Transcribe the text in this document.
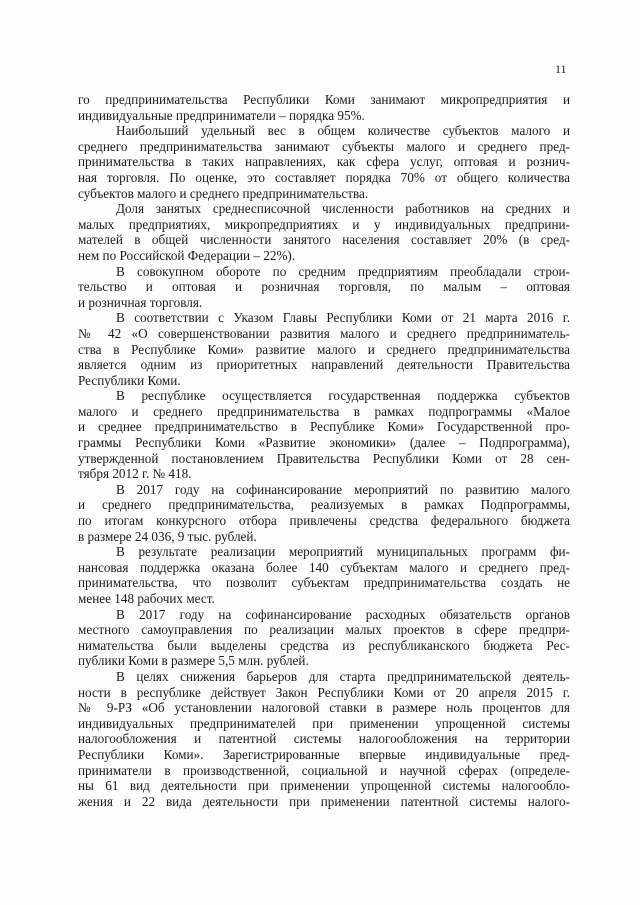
11
го предпринимательства Республики Коми занимают микропредприятия и
индивидуальные предприниматели – порядка 95%.
Наибольший удельный вес в общем количестве субъектов малого и
среднего предпринимательства занимают субъекты малого и среднего пред-
принимательства в таких направлениях, как сфера услуг, оптовая и рознич-
ная торговля. По оценке, это составляет порядка 70% от общего количества
субъектов малого и среднего предпринимательства.
Доля занятых среднесписочной численности работников на средних и
малых предприятиях, микропредприятиях и у индивидуальных предприни-
мателей в общей численности занятого населения составляет 20% (в сред-
нем по Российской Федерации – 22%).
В совокупном обороте по средним предприятиям преобладали строи-
тельство и оптовая и розничная торговля, по малым – оптовая
и розничная торговля.
В соответствии с Указом Главы Республики Коми от 21 марта 2016 г.
№ 42 «О совершенствовании развития малого и среднего предприниматель-
ства в Республике Коми» развитие малого и среднего предпринимательства
является одним из приоритетных направлений деятельности Правительства
Республики Коми.
В республике осуществляется государственная поддержка субъектов
малого и среднего предпринимательства в рамках подпрограммы «Малое
и среднее предпринимательство в Республике Коми» Государственной про-
граммы Республики Коми «Развитие экономики» (далее – Подпрограмма),
утвержденной постановлением Правительства Республики Коми от 28 сен-
тября 2012 г. № 418.
В 2017 году на софинансирование мероприятий по развитию малого
и среднего предпринимательства, реализуемых в рамках Подпрограммы,
по итогам конкурсного отбора привлечены средства федерального бюджета
в размере 24 036, 9 тыс. рублей.
В результате реализации мероприятий муниципальных программ фи-
нансовая поддержка оказана более 140 субъектам малого и среднего пред-
принимательства, что позволит субъектам предпринимательства создать не
менее 148 рабочих мест.
В 2017 году на софинансирование расходных обязательств органов
местного самоуправления по реализации малых проектов в сфере предпри-
нимательства были выделены средства из республиканского бюджета Рес-
публики Коми в размере 5,5 млн. рублей.
В целях снижения барьеров для старта предпринимательской деятель-
ности в республике действует Закон Республики Коми от 20 апреля 2015 г.
№ 9-РЗ «Об установлении налоговой ставки в размере ноль процентов для
индивидуальных предпринимателей при применении упрощенной системы
налогообложения и патентной системы налогообложения на территории
Республики Коми». Зарегистрированные впервые индивидуальные пред-
приниматели в производственной, социальной и научной сферах (определе-
ны 61 вид деятельности при применении упрощенной системы налогообло-
жения и 22 вида деятельности при применении патентной системы налого-
